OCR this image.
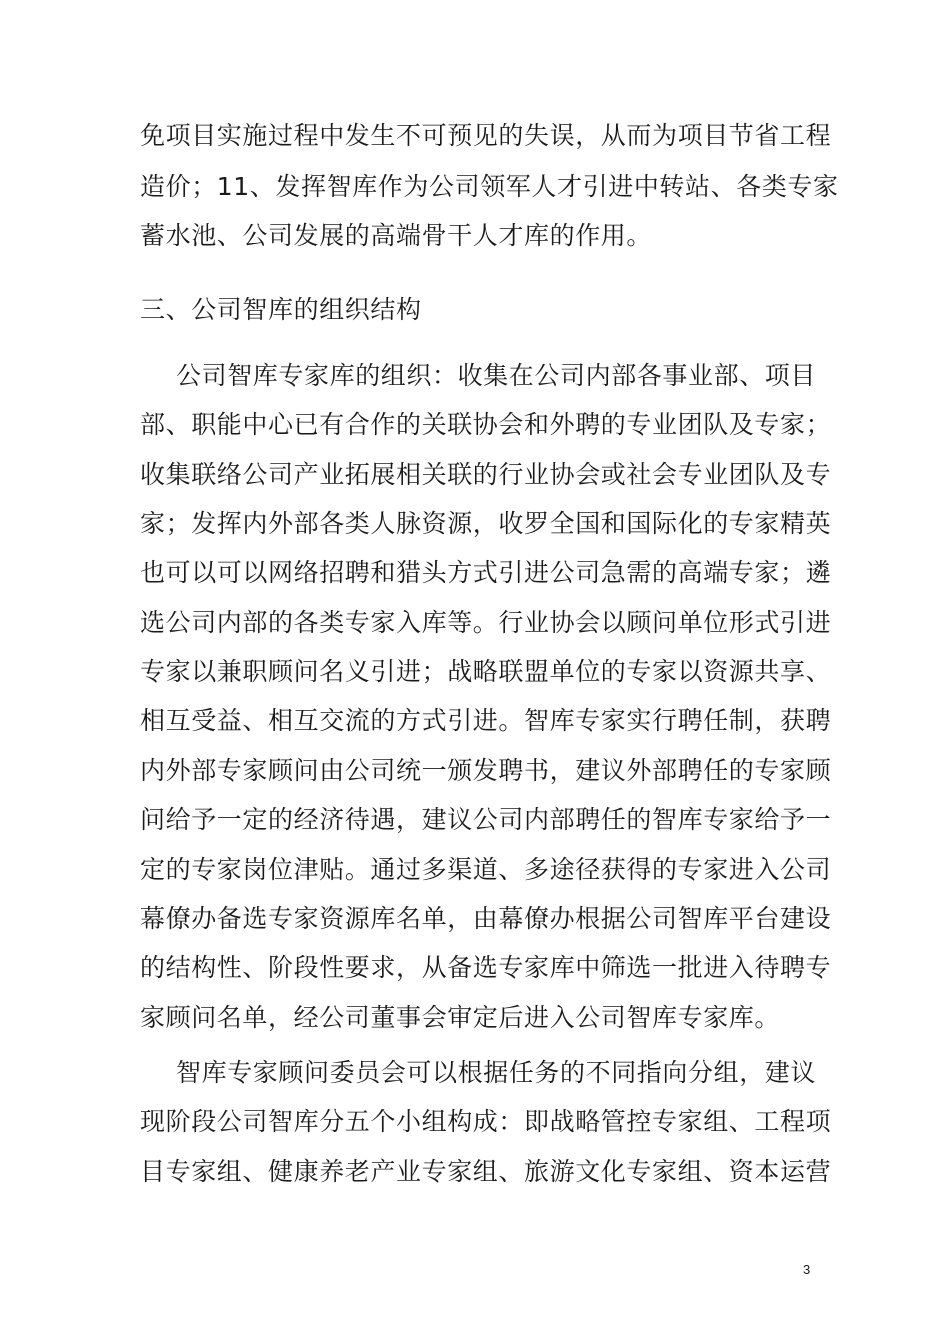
免项目实施过程中发生不可预见的失误，从而为项目节省工程
造价；11、发挥智库作为公司领军人才引进中转站、各类专家
蓄水池、公司发展的高端骨干人才库的作用。
三、公司智库的组织结构
公司智库专家库的组织：收集在公司内部各事业部、项目
部、职能中心已有合作的关联协会和外聘的专业团队及专家；
收集联络公司产业拓展相关联的行业协会或社会专业团队及专
家；发挥内外部各类人脉资源，收罗全国和国际化的专家精英
也可以可以网络招聘和猎头方式引进公司急需的高端专家；遴
选公司内部的各类专家入库等。行业协会以顾问单位形式引进
专家以兼职顾问名义引进；战略联盟单位的专家以资源共享、
相互受益、相互交流的方式引进。智库专家实行聘任制，获聘
内外部专家顾问由公司统一颁发聘书，建议外部聘任的专家顾
问给予一定的经济待遇，建议公司内部聘任的智库专家给予一
定的专家岗位津贴。通过多渠道、多途径获得的专家进入公司
幕僚办备选专家资源库名单，由幕僚办根据公司智库平台建设
的结构性、阶段性要求，从备选专家库中筛选一批进入待聘专
家顾问名单，经公司董事会审定后进入公司智库专家库。
智库专家顾问委员会可以根据任务的不同指向分组，建议
现阶段公司智库分五个小组构成：即战略管控专家组、工程项
目专家组、健康养老产业专家组、旅游文化专家组、资本运营
3
